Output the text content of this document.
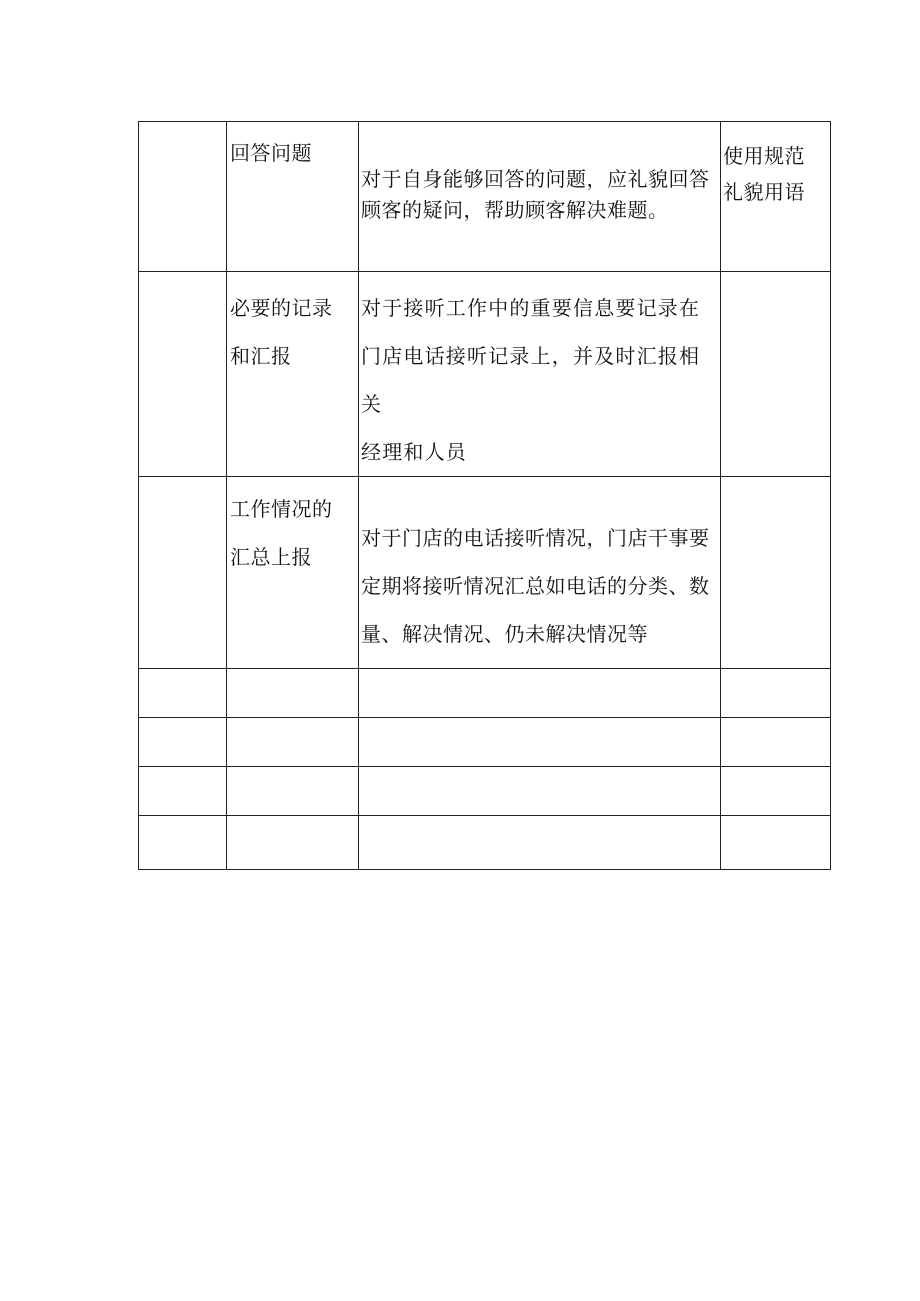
	回答问题	对于自身能够回答的问题，应礼貌回答
顾客的疑问，帮助顾客解决难题。	使用规范
礼貌用语

	必要的记录
和汇报	对于接听工作中的重要信息要记录在
门店电话接听记录上，并及时汇报相关
经理和人员	

	工作情况的
汇总上报	对于门店的电话接听情况，门店干事要
定期将接听情况汇总如电话的分类、数
量、解决情况、仍未解决情况等	
